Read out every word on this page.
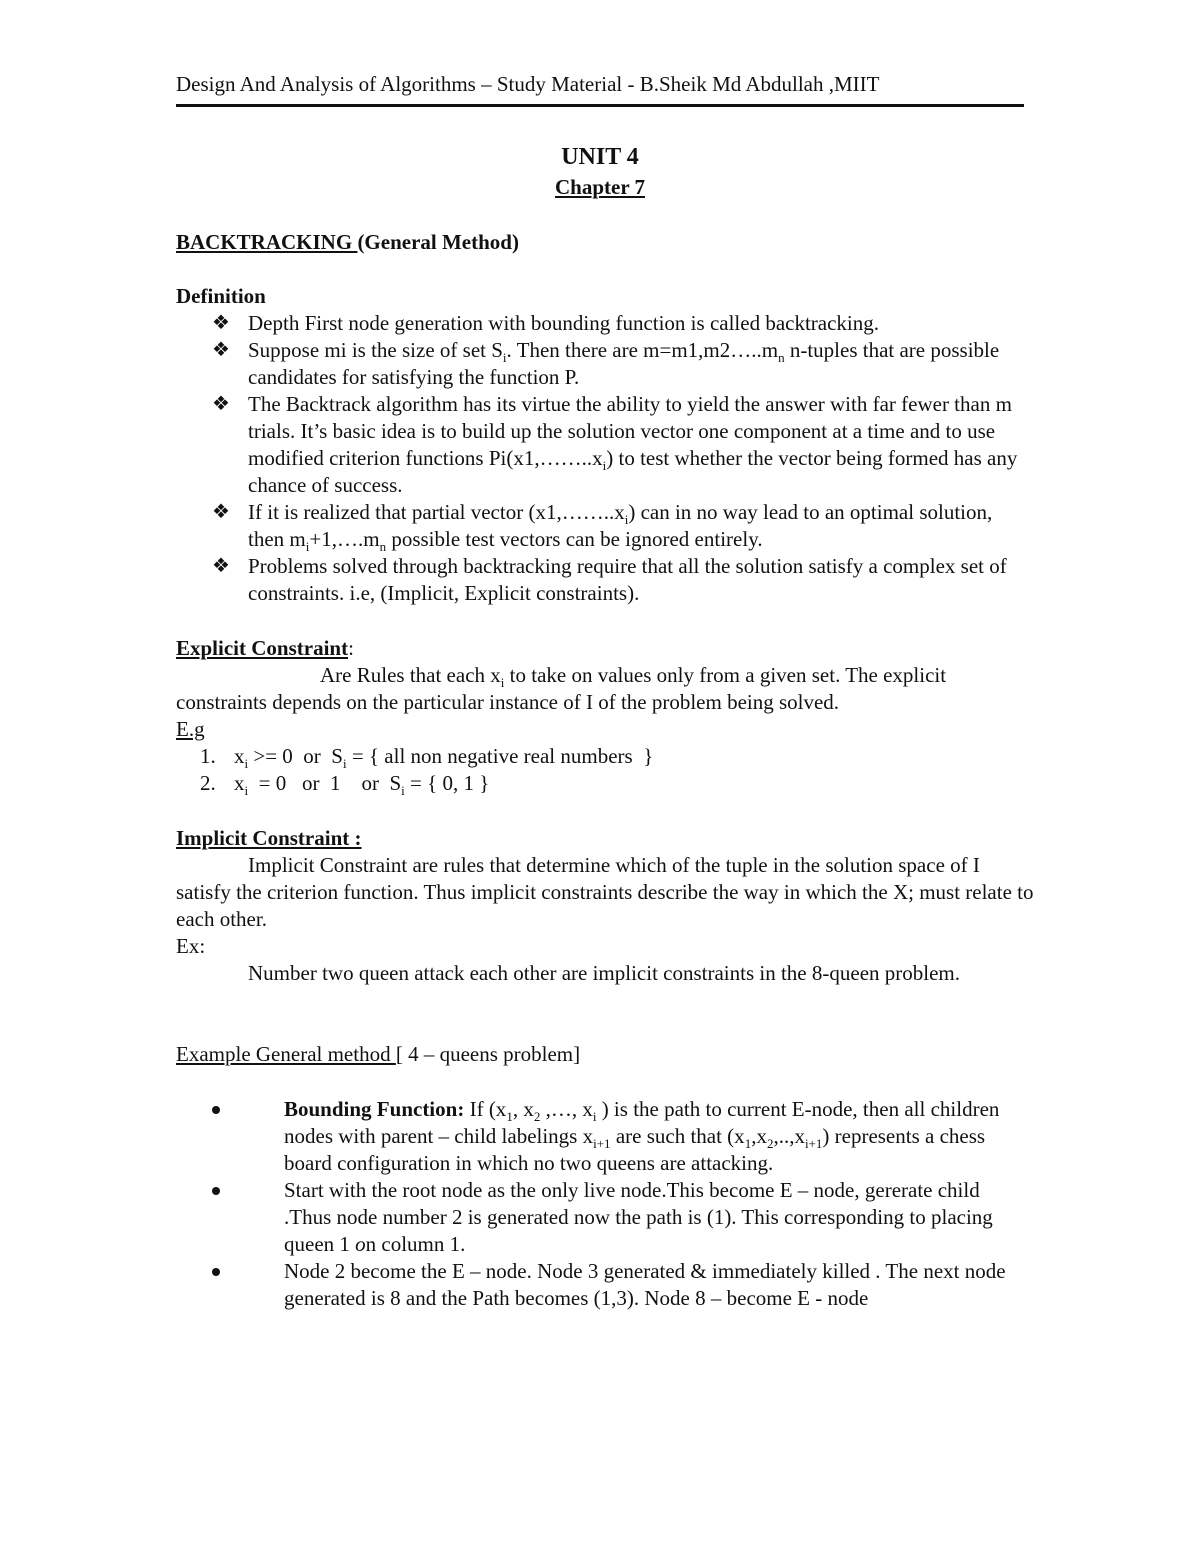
Design And Analysis of Algorithms – Study Material - B.Sheik Md Abdullah ,MIIT
UNIT 4
Chapter 7
BACKTRACKING (General Method)
Definition
❖ Depth First node generation with bounding function is called backtracking.
❖ Suppose mi is the size of set $S_i$. Then there are $m=m1,m2\dots..m_n$ n-tuples that are possible candidates for satisfying the function P.
❖ The Backtrack algorithm has its virtue the ability to yield the answer with far fewer than m trials. It’s basic idea is to build up the solution vector one component at a time and to use modified criterion functions $Pi(x1,\dots\dots..x_i)$ to test whether the vector being formed has any chance of success.
❖ If it is realized that partial vector $(x1,\dots\dots..x_i)$ can in no way lead to an optimal solution, then $m_i+1,\dots.m_n$ possible test vectors can be ignored entirely.
❖ Problems solved through backtracking require that all the solution satisfy a complex set of constraints. i.e, (Implicit, Explicit constraints).
Explicit Constraint:
Are Rules that each $x_i$ to take on values only from a given set. The explicit constraints depends on the particular instance of I of the problem being solved.
E.g
1. $x_i >= 0$  or  $S_i$ = { all non negative real numbers  }
2. $x_i = 0$   or  1    or  $S_i$ = { 0, 1 }
Implicit Constraint :
Implicit Constraint are rules that determine which of the tuple in the solution space of I satisfy the criterion function. Thus implicit constraints describe the way in which the X; must relate to each other.
Ex:
Number two queen attack each other are implicit constraints in the 8-queen problem.
Example General method [ 4 – queens problem]
Bounding Function: If ($x_1$, $x_2$ ,…, $x_i$ ) is the path to current E-node, then all children nodes with parent – child labelings $x_{i+1}$ are such that $(x_1,x_2,..,x_{i+1})$ represents a chess board configuration in which no two queens are attacking.
Start with the root node as the only live node.This become E – node, gererate child .Thus node number 2 is generated now the path is (1). This corresponding to placing queen 1 on column 1.
Node 2 become the E – node. Node 3 generated & immediately killed . The next node generated is 8 and the Path becomes (1,3). Node 8 – become E - node
